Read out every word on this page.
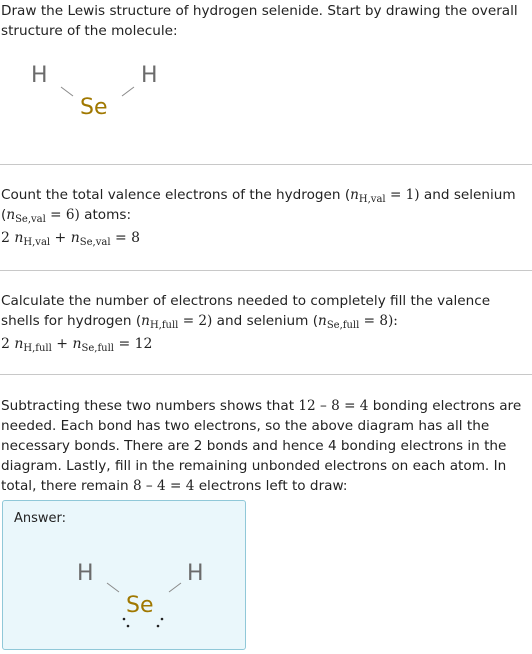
Draw the Lewis structure of hydrogen selenide. Start by drawing the overall structure of the molecule:

H
Se
H

Count the total valence electrons of the hydrogen $(n_{H,val} = 1)$ and selenium $(n_{Se,val} = 6)$ atoms:

2 $n_{H,val} + n_{Se,val} = 8$

Calculate the number of electrons needed to completely fill the valence shells for hydrogen $(n_{H,full} = 2)$ and selenium $(n_{Se,full} = 8)$:

2 $n_{H,full} + n_{Se,full} = 12$

Subtracting these two numbers shows that 12 – 8 = 4 bonding electrons are needed. Each bond has two electrons, so the above diagram has all the necessary bonds. There are 2 bonds and hence 4 bonding electrons in the diagram. Lastly, fill in the remaining unbonded electrons on each atom. In total, there remain 8 – 4 = 4 electrons left to draw:

Answer:
H
Se
H
